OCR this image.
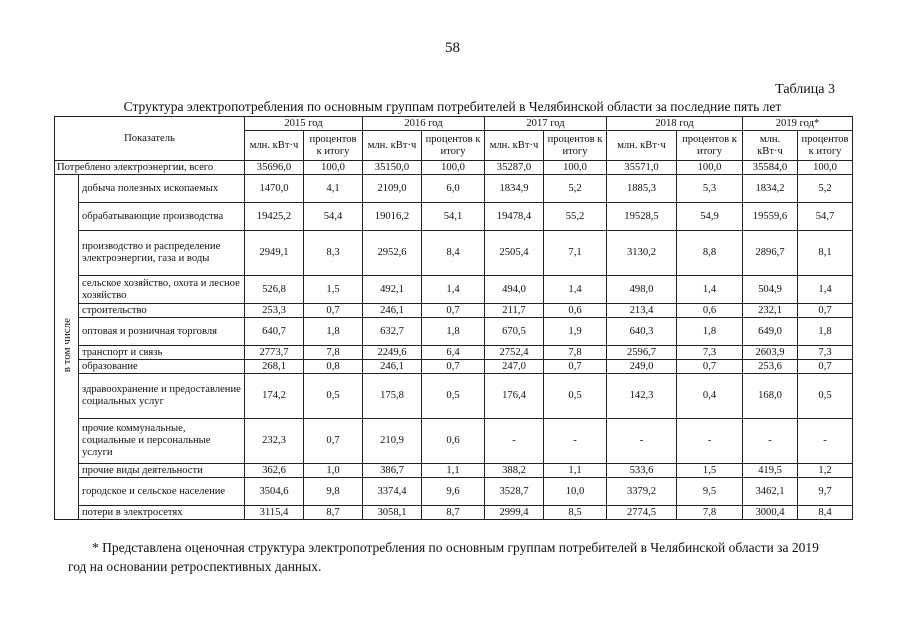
58
Таблица 3
Структура электропотребления по основным группам потребителей в Челябинской области за последние пять лет
Показатель		2015 год		2016 год		2017 год		2018 год		2019 год*	
		млн. кВт·ч	процентов к итогу	млн. кВт·ч	процентов к итогу	млн. кВт·ч	процентов к итогу	млн. кВт·ч	процентов к итогу	млн. кВт·ч	процентов к итогу
Потреблено электроэнергии, всего		35696,0	100,0	35150,0	100,0	35287,0	100,0	35571,0	100,0	35584,0	100,0
в том числе	добыча полезных ископаемых	1470,0	4,1	2109,0	6,0	1834,9	5,2	1885,3	5,3	1834,2	5,2
	обрабатывающие производства	19425,2	54,4	19016,2	54,1	19478,4	55,2	19528,5	54,9	19559,6	54,7
	производство и распределение электроэнергии, газа и воды	2949,1	8,3	2952,6	8,4	2505,4	7,1	3130,2	8,8	2896,7	8,1
	сельское хозяйство, охота и лесное хозяйство	526,8	1,5	492,1	1,4	494,0	1,4	498,0	1,4	504,9	1,4
	строительство	253,3	0,7	246,1	0,7	211,7	0,6	213,4	0,6	232,1	0,7
	оптовая и розничная торговля	640,7	1,8	632,7	1,8	670,5	1,9	640,3	1,8	649,0	1,8
	транспорт и связь	2773,7	7,8	2249,6	6,4	2752,4	7,8	2596,7	7,3	2603,9	7,3
	образование	268,1	0,8	246,1	0,7	247,0	0,7	249,0	0,7	253,6	0,7
	здравоохранение и предоставление социальных услуг	174,2	0,5	175,8	0,5	176,4	0,5	142,3	0,4	168,0	0,5
	прочие коммунальные, социальные и персональные услуги	232,3	0,7	210,9	0,6	-	-	-	-	-	-
	прочие виды деятельности	362,6	1,0	386,7	1,1	388,2	1,1	533,6	1,5	419,5	1,2
	городское и сельское население	3504,6	9,8	3374,4	9,6	3528,7	10,0	3379,2	9,5	3462,1	9,7
	потери в электросетях	3115,4	8,7	3058,1	8,7	2999,4	8,5	2774,5	7,8	3000,4	8,4
* Представлена оценочная структура электропотребления по основным группам потребителей в Челябинской области за 2019 год на основании ретроспективных данных.
